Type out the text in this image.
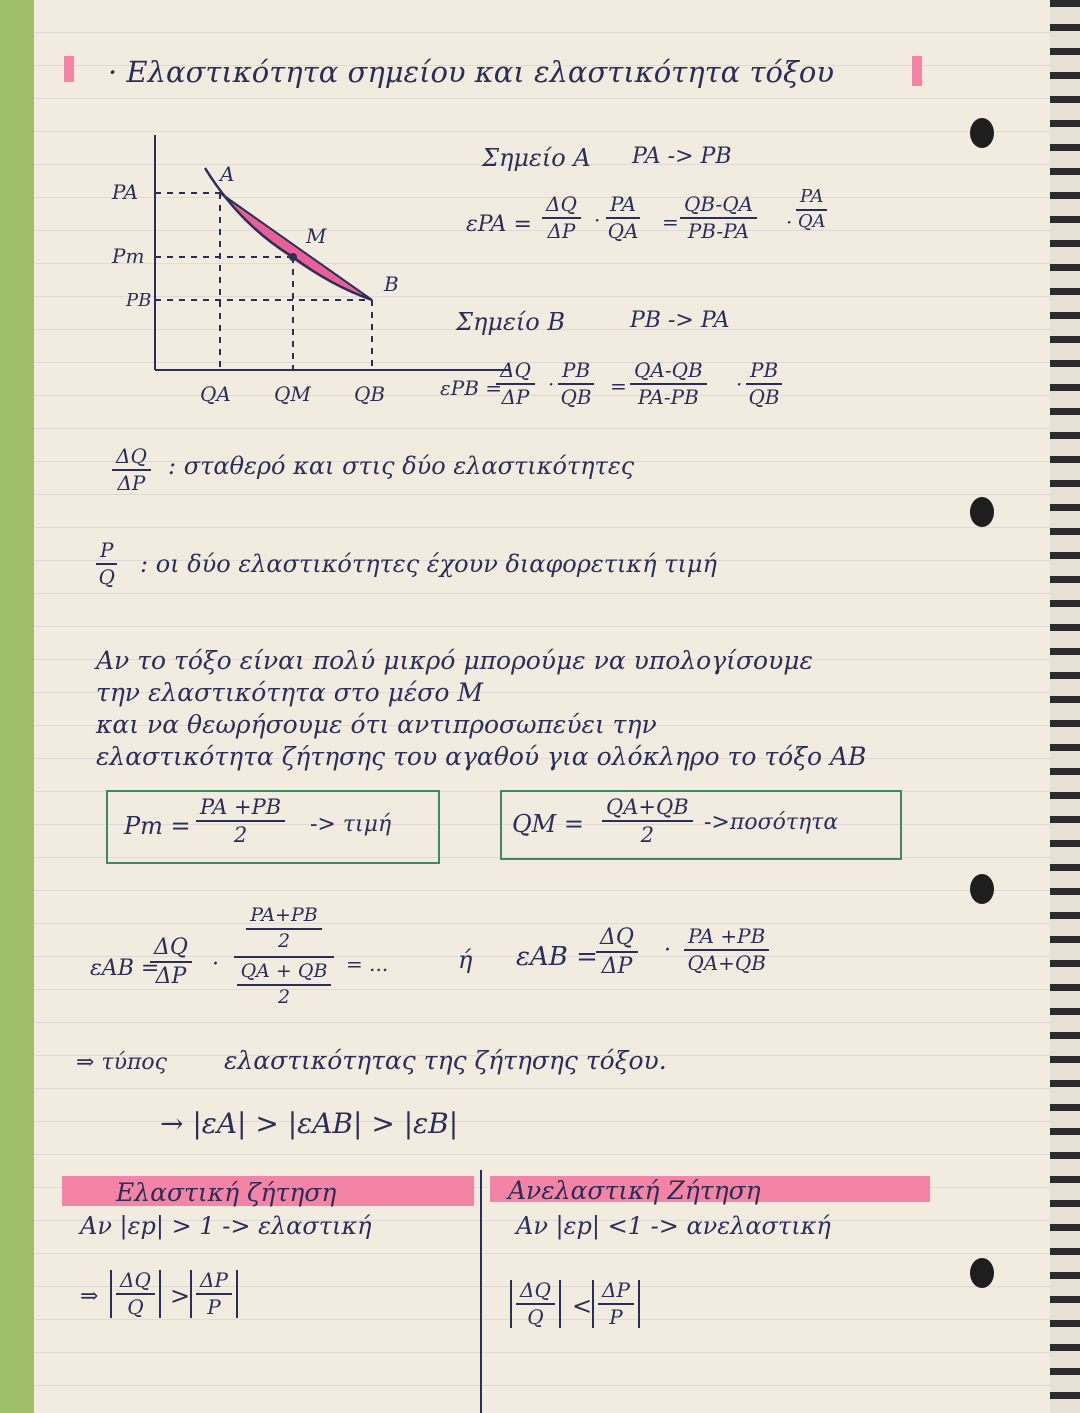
· Ελαστικότητα σημείου και ελαστικότητα τόξου
PA
Pm
PB
QA QM QB
A
M
B
Σημείο A PA -> PB
$\varepsilon PA = \frac{\Delta Q}{\Delta P} \cdot \frac{PA}{QA} = \frac{QB-QA}{PB-PA} \cdot \frac{PA}{QA}$
Σημείο B	PB -> PA
εPB =
$\frac{\Delta Q}{\Delta P} \cdot \frac{PB}{QB} = \frac{QA-QB}{PA-PB} \cdot \frac{PB}{QB}$
$\frac{\Delta Q}{\Delta P}$ : σταθερό και στις δύο ελαστικότητες
$\frac{P}{Q}$ : οι δύο ελαστικότητες έχουν διαφορετική τιμή
Αν το τόξο είναι πολύ μικρό μπορούμε να υπολογίσουμε
την ελαστικότητα στο μέσο M
και να θεωρήσουμε ότι αντιπροσωπεύει την
ελαστικότητα ζήτησης του αγαθού για ολόκληρο το τόξο AB
$Pm = \frac{PA +PB}{2} -> \tau\iota\mu ή$	QM = $\frac{QA+QB}{2} ->\pi o\sigma ό\tau\eta\tau\alpha$
εAB =
$\frac{\Delta Q}{\Delta P}$ ·
$\frac{PA+PB}{2}$
$\frac{QA + QB}{2}$ = ...	ή εAB =
$\frac{\Delta Q}{\Delta P} \cdot \frac{PA +PB}{QA+QB}$
⇒ τύπος ελαστικότητας της ζήτησης τόξου.
→ |εA| > |εAB| > |εB|
Ελαστική ζήτηση
Αν |εp| > 1 -> ελαστική
⇒ $\frac{\Delta Q}{Q} > \frac{\Delta P}{P}$
Ανελαστική Ζήτηση
Αν |εp| <1 -> ανελαστική
$\frac{\Delta Q}{Q} < \frac{\Delta P}{P}$
